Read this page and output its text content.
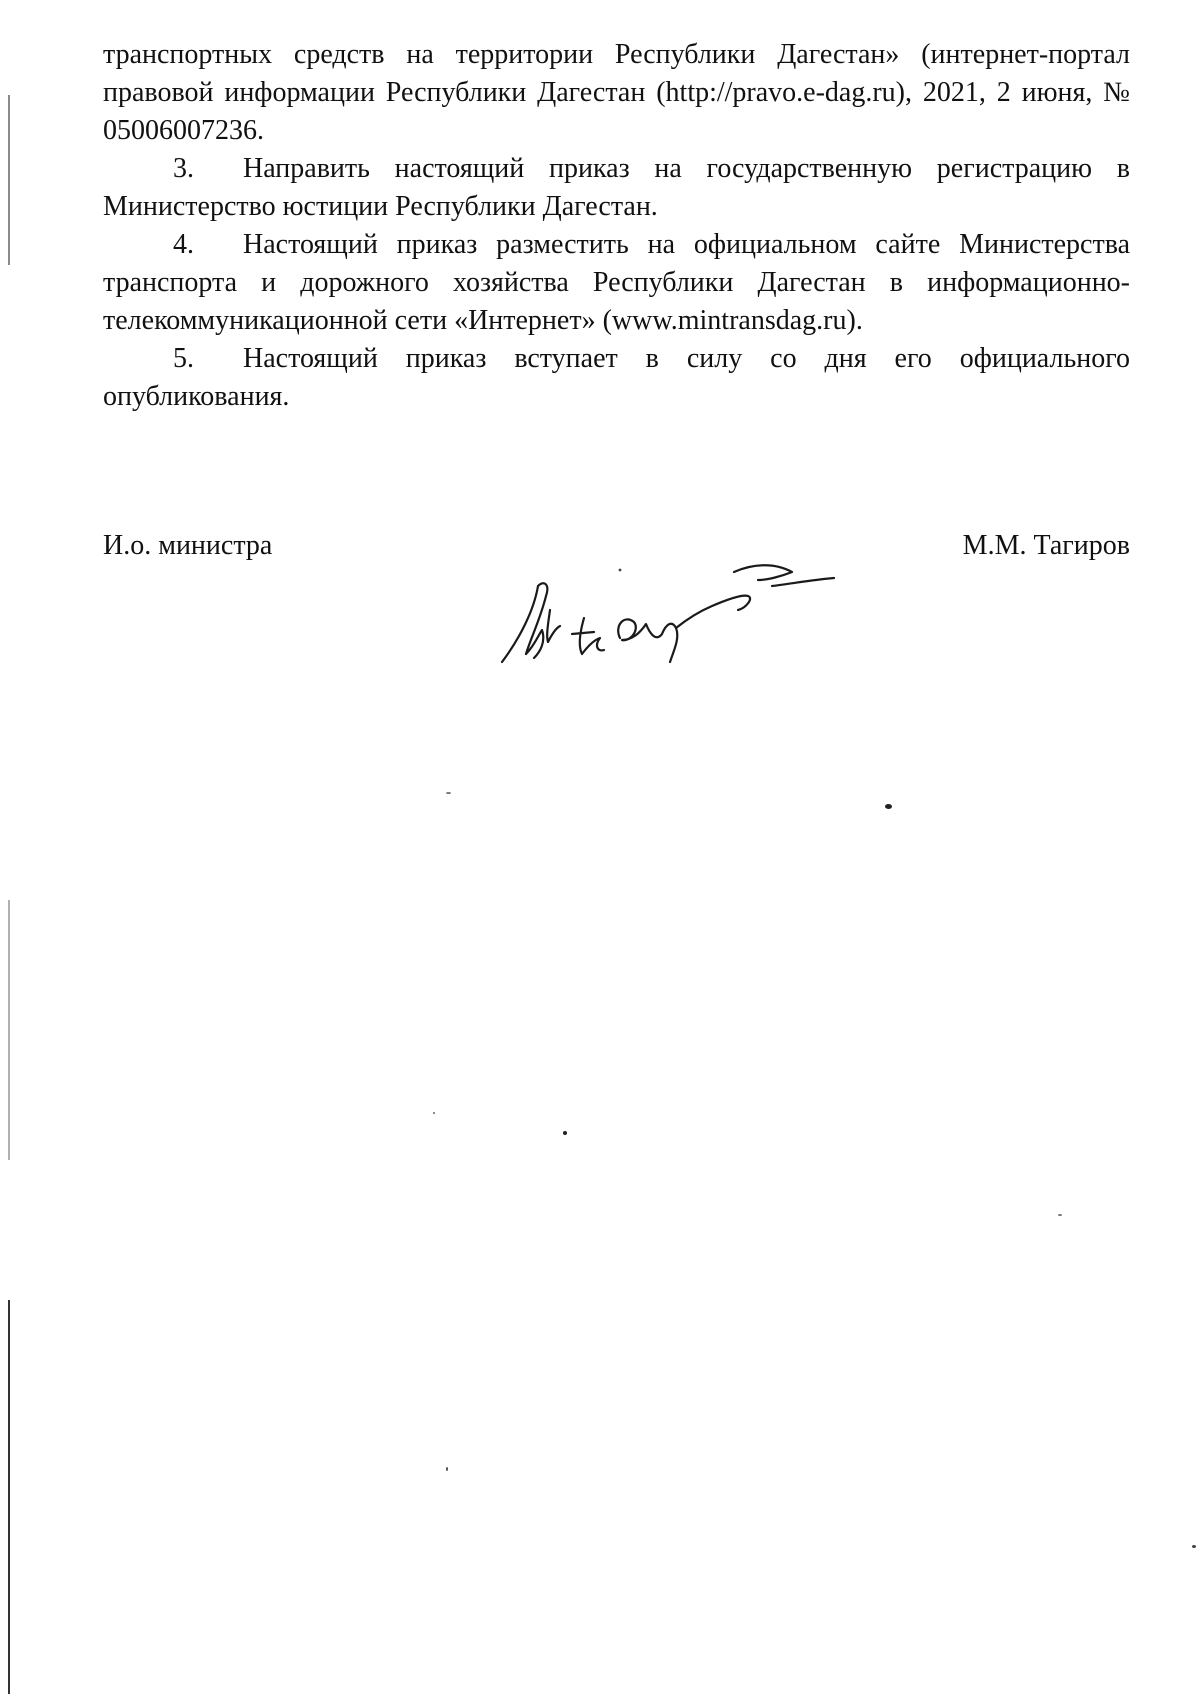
транспортных средств на территории Республики Дагестан» (интернет-портал правовой информации Республики Дагестан (http://pravo.e-dag.ru), 2021, 2 июня, № 05006007236.

3. Направить настоящий приказ на государственную регистрацию в Министерство юстиции Республики Дагестан.

4. Настоящий приказ разместить на официальном сайте Министерства транспорта и дорожного хозяйства Республики Дагестан в информационно-телекоммуникационной сети «Интернет» (www.mintransdag.ru).

5. Настоящий приказ вступает в силу со дня его официального опубликования.

И.о. министра	М.М. Тагиров
